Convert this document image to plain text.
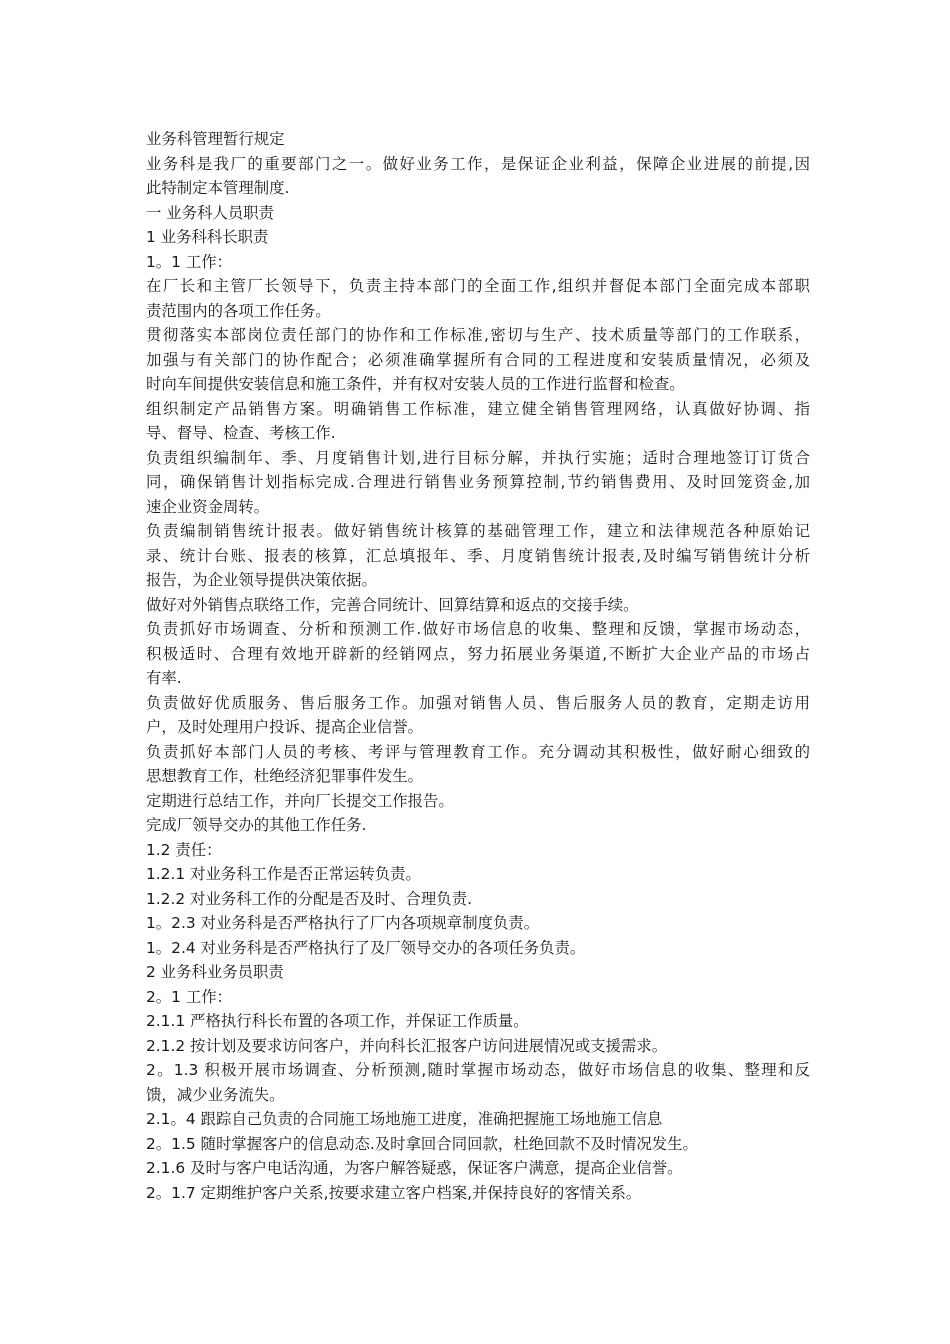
业务科管理暂行规定
业务科是我厂的重要部门之一。做好业务工作，是保证企业利益，保障企业进展的前提,因
此特制定本管理制度.
一 业务科人员职责
1 业务科科长职责
1。1 工作：
在厂长和主管厂长领导下，负责主持本部门的全面工作,组织并督促本部门全面完成本部职
责范围内的各项工作任务。
贯彻落实本部岗位责任部门的协作和工作标准,密切与生产、技术质量等部门的工作联系，
加强与有关部门的协作配合；必须准确掌握所有合同的工程进度和安装质量情况，必须及
时向车间提供安装信息和施工条件，并有权对安装人员的工作进行监督和检查。
组织制定产品销售方案。明确销售工作标准，建立健全销售管理网络，认真做好协调、指
导、督导、检查、考核工作.
负责组织编制年、季、月度销售计划,进行目标分解，并执行实施；适时合理地签订订货合
同，确保销售计划指标完成.合理进行销售业务预算控制,节约销售费用、及时回笼资金,加
速企业资金周转。
负责编制销售统计报表。做好销售统计核算的基础管理工作，建立和法律规范各种原始记
录、统计台账、报表的核算，汇总填报年、季、月度销售统计报表,及时编写销售统计分析
报告，为企业领导提供决策依据。
做好对外销售点联络工作，完善合同统计、回算结算和返点的交接手续。
负责抓好市场调查、分析和预测工作.做好市场信息的收集、整理和反馈，掌握市场动态，
积极适时、合理有效地开辟新的经销网点，努力拓展业务渠道,不断扩大企业产品的市场占
有率.
负责做好优质服务、售后服务工作。加强对销售人员、售后服务人员的教育，定期走访用
户，及时处理用户投诉、提高企业信誉。
负责抓好本部门人员的考核、考评与管理教育工作。充分调动其积极性，做好耐心细致的
思想教育工作，杜绝经济犯罪事件发生。
定期进行总结工作，并向厂长提交工作报告。
完成厂领导交办的其他工作任务.
1.2 责任：
1.2.1 对业务科工作是否正常运转负责。
1.2.2 对业务科工作的分配是否及时、合理负责.
1。2.3 对业务科是否严格执行了厂内各项规章制度负责。
1。2.4 对业务科是否严格执行了及厂领导交办的各项任务负责。
2 业务科业务员职责
2。1 工作：
2.1.1 严格执行科长布置的各项工作，并保证工作质量。
2.1.2 按计划及要求访问客户，并向科长汇报客户访问进展情况或支援需求。
2。1.3 积极开展市场调查、分析预测,随时掌握市场动态，做好市场信息的收集、整理和反
馈，减少业务流失。
2.1。4 跟踪自己负责的合同施工场地施工进度，准确把握施工场地施工信息
2。1.5 随时掌握客户的信息动态.及时拿回合同回款，杜绝回款不及时情况发生。
2.1.6 及时与客户电话沟通，为客户解答疑惑，保证客户满意，提高企业信誉。
2。1.7 定期维护客户关系,按要求建立客户档案,并保持良好的客情关系。
